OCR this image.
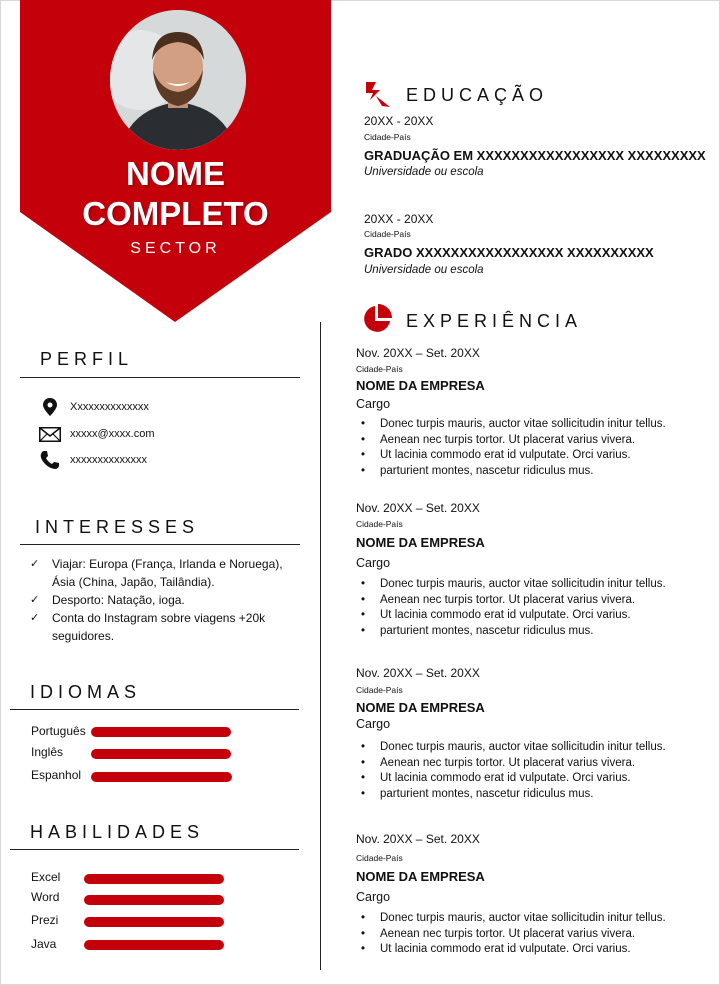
NOME
COMPLETO
SECTOR
PERFIL
Xxxxxxxxxxxxxx
xxxxx@xxxx.com
xxxxxxxxxxxxxx
INTERESSES
✓	Viajar: Europa (França, Irlanda e Noruega),
Ásia (China, Japão, Tailândia).
✓	Desporto: Natação, ioga.
✓	Conta do Instagram sobre viagens +20k
seguidores.
IDIOMAS
Português
Inglês
Espanhol
HABILIDADES
Excel
Word
Prezi
Java
EDUCAÇÃO
20XX - 20XX
Cidade-País
GRADUAÇÃO EM XXXXXXXXXXXXXXXXX XXXXXXXXX
Universidade ou escola
20XX - 20XX
Cidade-País
GRADO XXXXXXXXXXXXXXXXX XXXXXXXXXX
Universidade ou escola
EXPERIÊNCIA
Nov. 20XX – Set. 20XX
Cidade-País
NOME DA EMPRESA
Cargo
•	Donec turpis mauris, auctor vitae sollicitudin initur tellus.
•	Aenean nec turpis tortor. Ut placerat varius vivera.
•	Ut lacinia commodo erat id vulputate. Orci varius.
•	parturient montes, nascetur ridiculus mus.
Nov. 20XX – Set. 20XX
Cidade-País
NOME DA EMPRESA
Cargo
•	Donec turpis mauris, auctor vitae sollicitudin initur tellus.
•	Aenean nec turpis tortor. Ut placerat varius vivera.
•	Ut lacinia commodo erat id vulputate. Orci varius.
•	parturient montes, nascetur ridiculus mus.
Nov. 20XX – Set. 20XX
Cidade-País
NOME DA EMPRESA
Cargo
•	Donec turpis mauris, auctor vitae sollicitudin initur tellus.
•	Aenean nec turpis tortor. Ut placerat varius vivera.
•	Ut lacinia commodo erat id vulputate. Orci varius.
•	parturient montes, nascetur ridiculus mus.
Nov. 20XX – Set. 20XX
Cidade-País
NOME DA EMPRESA
Cargo
•	Donec turpis mauris, auctor vitae sollicitudin initur tellus.
•	Aenean nec turpis tortor. Ut placerat varius vivera.
•	Ut lacinia commodo erat id vulputate. Orci varius.
